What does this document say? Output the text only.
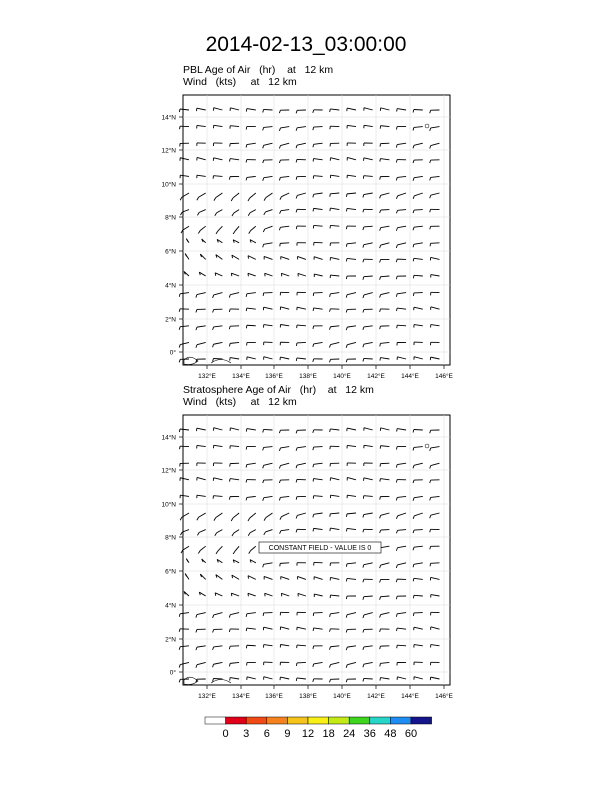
2014-02-13_03:00:00
PBL Age of Air   (hr)    at   12 km
Wind   (kts)     at   12 km
Stratosphere Age of Air   (hr)    at   12 km
Wind   (kts)     at   12 km
132°E 134°E 136°E 138°E 140°E 142°E 144°E 146°E
0°
2°N
4°N
6°N
8°N
10°N
12°N
14°N
132°E 134°E 136°E 138°E 140°E 142°E 144°E 146°E
0°
2°N
4°N
6°N
8°N
10°N
12°N
14°N
CONSTANT FIELD - VALUE IS 0
0 3 6 9 12 18 24 36 48 60
